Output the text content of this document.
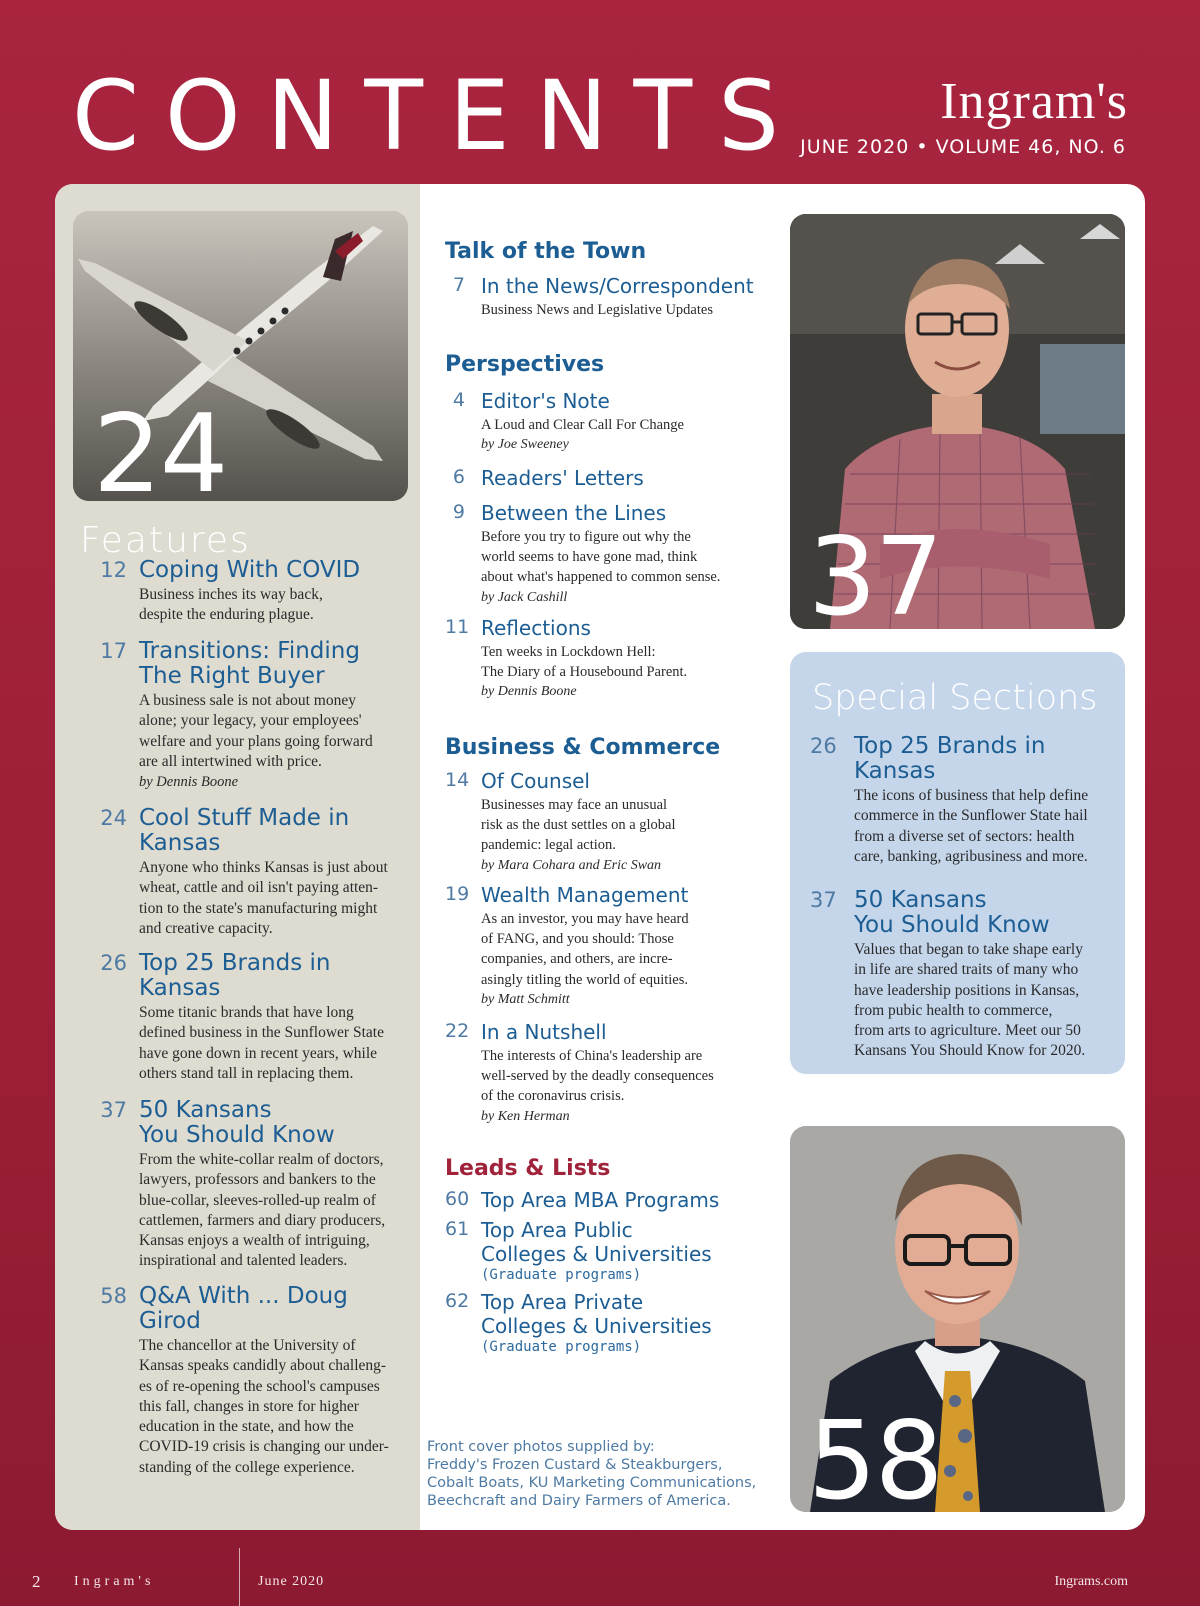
CONTENTS	Ingram's
JUNE 2020 • VOLUME 46, NO. 6
24
Features
12 Coping With COVID
Business inches its way back,
despite the enduring plague.
17 Transitions: Finding
The Right Buyer
A business sale is not about money
alone; your legacy, your employees'
welfare and your plans going forward
are all intertwined with price.
by Dennis Boone
24 Cool Stuff Made in
Kansas
Anyone who thinks Kansas is just about
wheat, cattle and oil isn't paying atten-
tion to the state's manufacturing might
and creative capacity.
26 Top 25 Brands in
Kansas
Some titanic brands that have long
defined business in the Sunflower State
have gone down in recent years, while
others stand tall in replacing them.
37 50 Kansans
You Should Know
From the white-collar realm of doctors,
lawyers, professors and bankers to the
blue-collar, sleeves-rolled-up realm of
cattlemen, farmers and diary producers,
Kansas enjoys a wealth of intriguing,
inspirational and talented leaders.
58 Q&A With ... Doug Girod
The chancellor at the University of
Kansas speaks candidly about challeng-
es of re-opening the school's campuses
this fall, changes in store for higher
education in the state, and how the
COVID-19 crisis is changing our under-
standing of the college experience.
Talk of the Town
7 In the News/Correspondent
Business News and Legislative Updates
Perspectives
4 Editor's Note
A Loud and Clear Call For Change
by Joe Sweeney
6 Readers' Letters
9 Between the Lines
Before you try to figure out why the
world seems to have gone mad, think
about what's happened to common sense.
by Jack Cashill
11 Reflections
Ten weeks in Lockdown Hell:
The Diary of a Housebound Parent.
by Dennis Boone
Business & Commerce
14 Of Counsel
Businesses may face an unusual
risk as the dust settles on a global
pandemic: legal action.
by Mara Cohara and Eric Swan
19 Wealth Management
As an investor, you may have heard
of FANG, and you should: Those
companies, and others, are incre-
asingly titling the world of equities.
by Matt Schmitt
22 In a Nutshell
The interests of China's leadership are
well-served by the deadly consequences
of the coronavirus crisis.
by Ken Herman
Leads & Lists
60 Top Area MBA Programs
61 Top Area Public
Colleges & Universities
(Graduate programs)
62 Top Area Private
Colleges & Universities
(Graduate programs)
Front cover photos supplied by:
Freddy's Frozen Custard & Steakburgers,
Cobalt Boats, KU Marketing Communications,
Beechcraft and Dairy Farmers of America.
37
Special Sections
26 Top 25 Brands in
Kansas
The icons of business that help define
commerce in the Sunflower State hail
from a diverse set of sectors: health
care, banking, agribusiness and more.
37 50 Kansans
You Should Know
Values that began to take shape early
in life are shared traits of many who
have leadership positions in Kansas,
from pubic health to commerce,
from arts to agriculture. Meet our 50
Kansans You Should Know for 2020.
58
2 Ingram's	June 2020	Ingrams.com
